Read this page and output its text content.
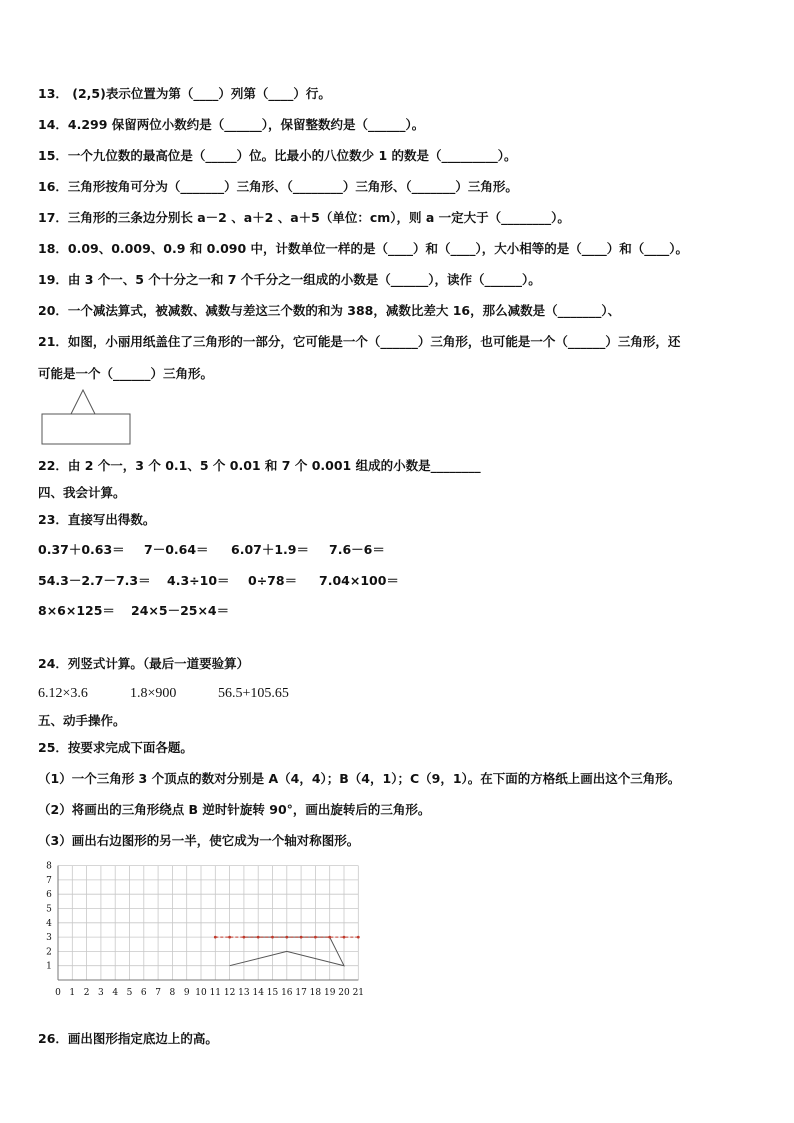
13． (2,5)表示位置为第（____）列第（____）行。
14．4.299 保留两位小数约是（______），保留整数约是（______）。
15．一个九位数的最高位是（_____）位。比最小的八位数少 1 的数是（_________）。
16．三角形按角可分为（_______）三角形、（________）三角形、（_______）三角形。
17．三角形的三条边分别长 a－2 、a＋2 、a＋5（单位：cm），则 a 一定大于（________）。
18．0.09、0.009、0.9 和 0.090 中，计数单位一样的是（____）和（____），大小相等的是（____）和（____）。
19．由 3 个一、5 个十分之一和 7 个千分之一组成的小数是（______），读作（______）。
20．一个减法算式，被减数、减数与差这三个数的和为 388，减数比差大 16，那么减数是（_______）、
21．如图，小丽用纸盖住了三角形的一部分，它可能是一个（______）三角形，也可能是一个（______）三角形，还
可能是一个（______）三角形。
22．由 2 个一，3 个 0.1、5 个 0.01 和 7 个 0.001 组成的小数是________
四、我会计算。
23．直接写出得数。
0.37＋0.63＝ 7－0.64＝ 6.07＋1.9＝ 7.6－6＝
54.3－2.7－7.3＝ 4.3÷10＝ 0÷78＝ 7.04×100＝
8×6×125＝ 24×5－25×4＝
24．列竖式计算。（最后一道要验算）
6.12×3.6	1.8×900	56.5+105.65
五、动手操作。
25．按要求完成下面各题。
（1）一个三角形 3 个顶点的数对分别是 A（4，4）；B（4，1）；C（9，1）。在下面的方格纸上画出这个三角形。
（2）将画出的三角形绕点 B 逆时针旋转 90°，画出旋转后的三角形。
（3）画出右边图形的另一半，使它成为一个轴对称图形。
0 1 2 3 4 5 6 7 8 9 10 11 12 13 14 15 16 17 18 19 20 21
1
2
3
4
5
6
7
8
26．画出图形指定底边上的高。
